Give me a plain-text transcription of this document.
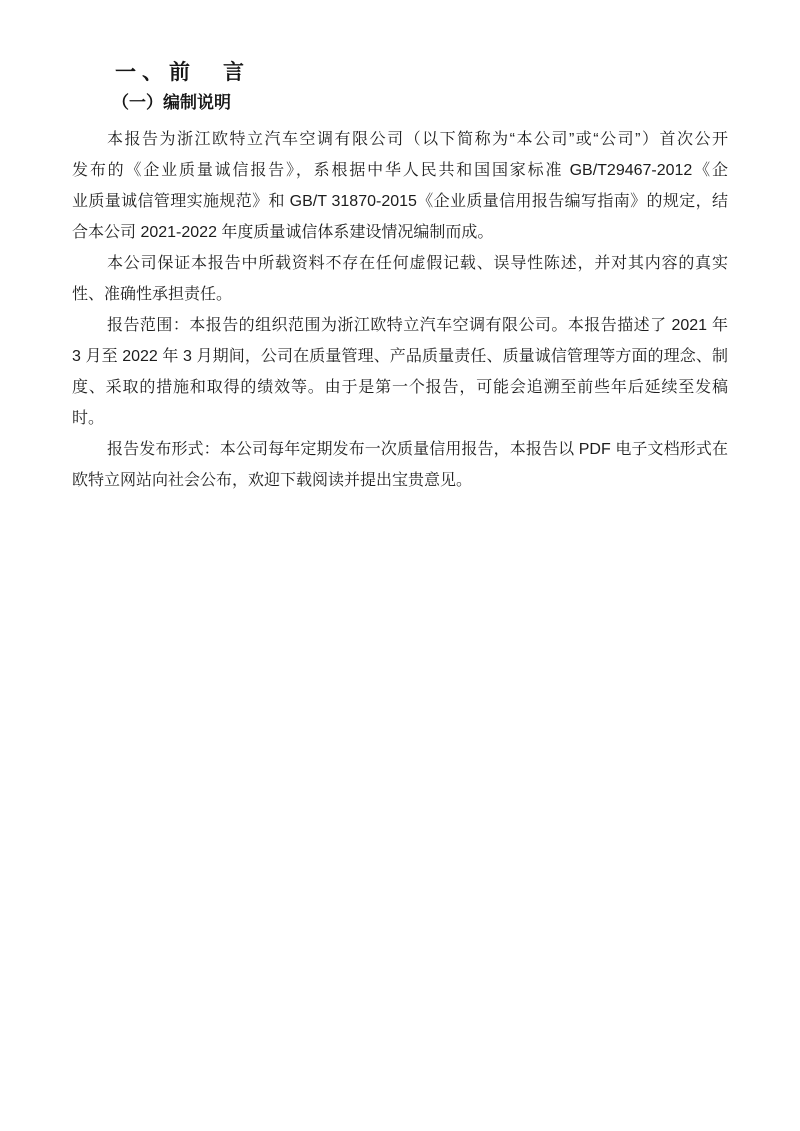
一、前　言
（一）编制说明
本报告为浙江欧特立汽车空调有限公司（以下简称为“本公司”或“公司”）首次公开
发布的《企业质量诚信报告》，系根据中华人民共和国国家标准 GB/T29467-2012《企
业质量诚信管理实施规范》和 GB/T 31870-2015《企业质量信用报告编写指南》的规定，结
合本公司 2021-2022 年度质量诚信体系建设情况编制而成。
本公司保证本报告中所载资料不存在任何虚假记载、误导性陈述，并对其内容的真实
性、准确性承担责任。
报告范围：本报告的组织范围为浙江欧特立汽车空调有限公司。本报告描述了 2021 年
3 月至 2022 年 3 月期间，公司在质量管理、产品质量责任、质量诚信管理等方面的理念、制
度、采取的措施和取得的绩效等。由于是第一个报告，可能会追溯至前些年后延续至发稿
时。
报告发布形式：本公司每年定期发布一次质量信用报告，本报告以 PDF 电子文档形式在
欧特立网站向社会公布，欢迎下载阅读并提出宝贵意见。
